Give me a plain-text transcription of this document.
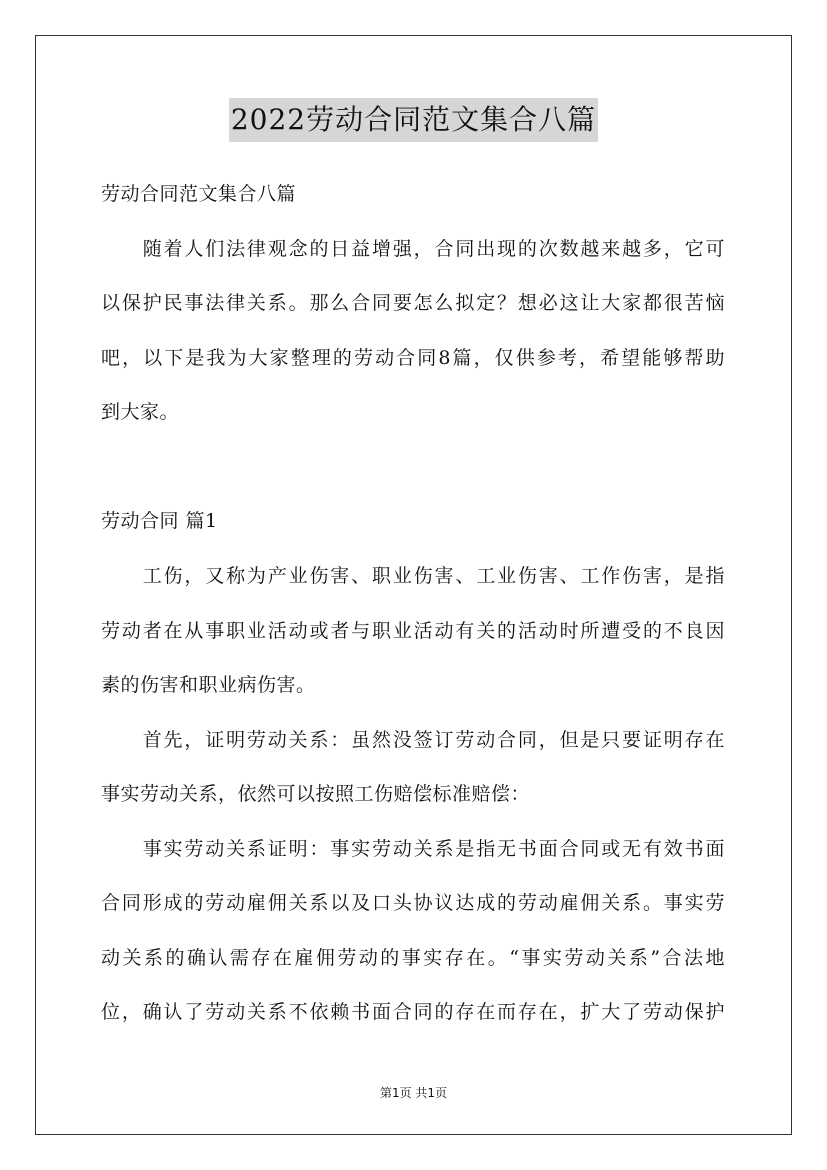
2022劳动合同范文集合八篇
劳动合同范文集合八篇
　　随着人们法律观念的日益增强，合同出现的次数越来越多，它可
以保护民事法律关系。那么合同要怎么拟定？想必这让大家都很苦恼
吧，以下是我为大家整理的劳动合同8篇，仅供参考，希望能够帮助
到大家。
劳动合同 篇1
　　工伤，又称为产业伤害、职业伤害、工业伤害、工作伤害，是指
劳动者在从事职业活动或者与职业活动有关的活动时所遭受的不良因
素的伤害和职业病伤害。
　　首先，证明劳动关系：虽然没签订劳动合同，但是只要证明存在
事实劳动关系，依然可以按照工伤赔偿标准赔偿：
　　事实劳动关系证明：事实劳动关系是指无书面合同或无有效书面
合同形成的劳动雇佣关系以及口头协议达成的劳动雇佣关系。事实劳
动关系的确认需存在雇佣劳动的事实存在。“事实劳动关系”合法地
位，确认了劳动关系不依赖书面合同的存在而存在，扩大了劳动保护
第1页 共1页
